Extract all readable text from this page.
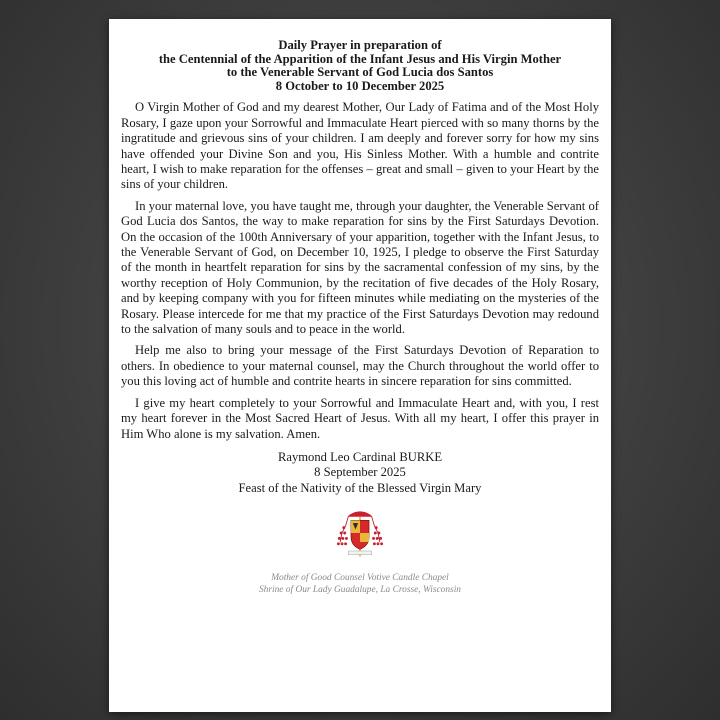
Daily Prayer in preparation of
the Centennial of the Apparition of the Infant Jesus and His Virgin Mother
to the Venerable Servant of God Lucia dos Santos
8 October to 10 December 2025

O Virgin Mother of God and my dearest Mother, Our Lady of Fatima and of the Most Holy Rosary, I gaze upon your Sorrowful and Immaculate Heart pierced with so many thorns by the ingratitude and grievous sins of your children. I am deeply and forever sorry for how my sins have offended your Divine Son and you, His Sinless Mother. With a humble and contrite heart, I wish to make reparation for the offenses – great and small – given to your Heart by the sins of your children.

In your maternal love, you have taught me, through your daughter, the Venerable Servant of God Lucia dos Santos, the way to make reparation for sins by the First Saturdays Devotion. On the occasion of the 100th Anniversary of your apparition, together with the Infant Jesus, to the Venerable Servant of God, on December 10, 1925, I pledge to observe the First Saturday of the month in heartfelt reparation for sins by the sacramental confession of my sins, by the worthy reception of Holy Communion, by the recitation of five decades of the Holy Rosary, and by keeping company with you for fifteen minutes while mediating on the mysteries of the Rosary. Please intercede for me that my practice of the First Saturdays Devotion may redound to the salvation of many souls and to peace in the world.

Help me also to bring your message of the First Saturdays Devotion of Reparation to others. In obedience to your maternal counsel, may the Church throughout the world offer to you this loving act of humble and contrite hearts in sincere reparation for sins committed.

I give my heart completely to your Sorrowful and Immaculate Heart and, with you, I rest my heart forever in the Most Sacred Heart of Jesus. With all my heart, I offer this prayer in Him Who alone is my salvation. Amen.

Raymond Leo Cardinal BURKE
8 September 2025
Feast of the Nativity of the Blessed Virgin Mary
Mother of Good Counsel Votive Candle Chapel
Shrine of Our Lady Guadalupe, La Crosse, Wisconsin
